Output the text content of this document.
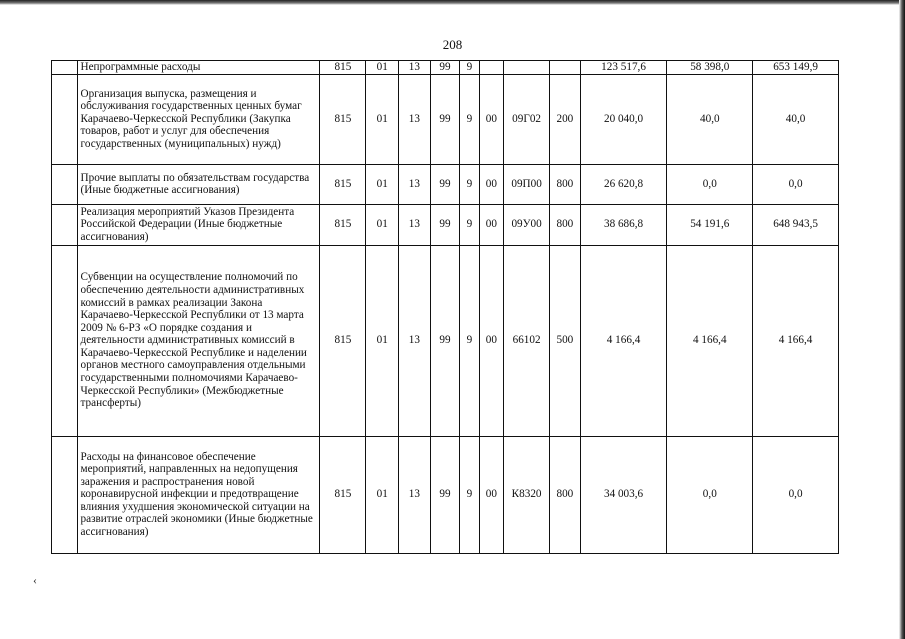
208
	Непрограммные расходы	815	01	13	99	9				123 517,6	58 398,0	653 149,9
	Организация выпуска, размещения и обслуживания государственных ценных бумаг Карачаево-Черкесской Республики (Закупка товаров, работ и услуг для обеспечения государственных (муниципальных) нужд)	815	01	13	99	9	00	09Г02	200	20 040,0	40,0	40,0
	Прочие выплаты по обязательствам государства (Иные бюджетные ассигнования)	815	01	13	99	9	00	09П00	800	26 620,8	0,0	0,0
	Реализация мероприятий Указов Президента Российской Федерации (Иные бюджетные ассигнования)	815	01	13	99	9	00	09У00	800	38 686,8	54 191,6	648 943,5
	Субвенции на осуществление полномочий по обеспечению деятельности административных комиссий в рамках реализации Закона Карачаево-Черкесской Республики от 13 марта 2009 № 6-РЗ «О порядке создания и деятельности административных комиссий в Карачаево-Черкесской Республике и наделении органов местного самоуправления отдельными государственными полномочиями Карачаево-Черкесской Республики» (Межбюджетные трансферты)	815	01	13	99	9	00	66102	500	4 166,4	4 166,4	4 166,4
	Расходы на финансовое обеспечение мероприятий, направленных на недопущения заражения и распространения новой коронавирусной инфекции и предотвращение влияния ухудшения экономической ситуации на развитие отраслей экономики (Иные бюджетные ассигнования)	815	01	13	99	9	00	К8320	800	34 003,6	0,0	0,0
‹
